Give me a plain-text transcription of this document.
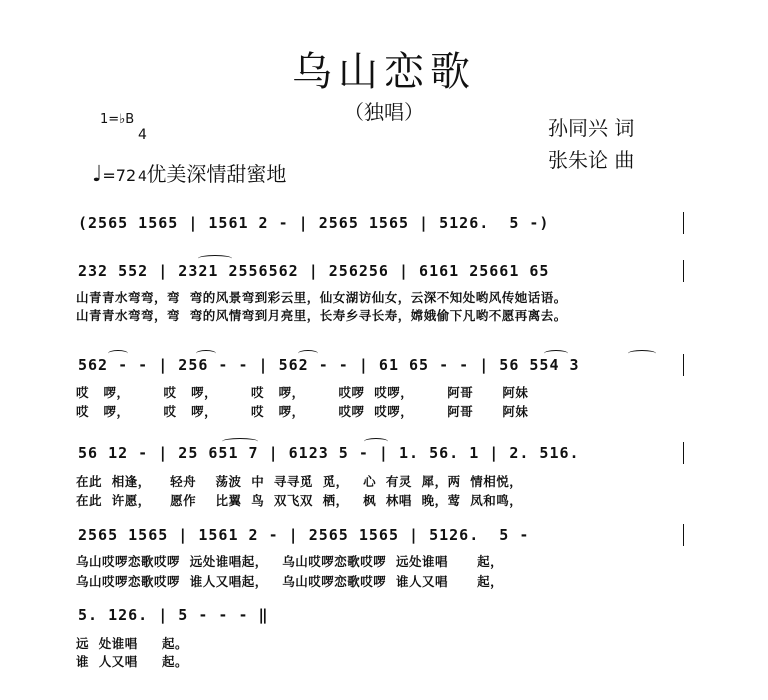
乌山恋歌
（独唱）
1=♭B

4

4

♩=72 优美深情甜蜜地
孙同兴 词
张朱论 曲
(2565 1565 | 1561 2 - | 2565 1565 | 5126.  5 -)
232 552 | 2321 2556562 | 256256 | 6161 25661 65
山青青水弯弯，弯  弯的风景弯到彩云里，仙女湖访仙女，云深不知处哟风传她话语。
山青青水弯弯，弯  弯的风情弯到月亮里，长寿乡寻长寿，嫦娥偷下凡哟不愿再离去。
562 - - | 256 - - | 562 - - | 61 65 - - | 56 554 3
哎   啰，       哎   啰，       哎   啰，       哎啰  哎啰，       阿哥      阿妹
哎   啰，       哎   啰，       哎   啰，       哎啰  哎啰，       阿哥      阿妹
56 12 - | 25 651 7 | 6123 5 - | 1. 56. 1 | 2. 516.
在此  相逢，    轻舟    荡波  中  寻寻觅  觅，   心  有灵  犀，两  情相悦，
在此  许愿，    愿作    比翼  鸟  双飞双  栖，   枫  林唱  晚，莺  凤和鸣，
2565 1565 | 1561 2 - | 2565 1565 | 5126.  5 -
乌山哎啰恋歌哎啰  远处谁唱起，   乌山哎啰恋歌哎啰  远处谁唱      起，
乌山哎啰恋歌哎啰  谁人又唱起，   乌山哎啰恋歌哎啰  谁人又唱      起，
5. 126. | 5 - - - ‖
远  处谁唱     起。
谁  人又唱     起。
